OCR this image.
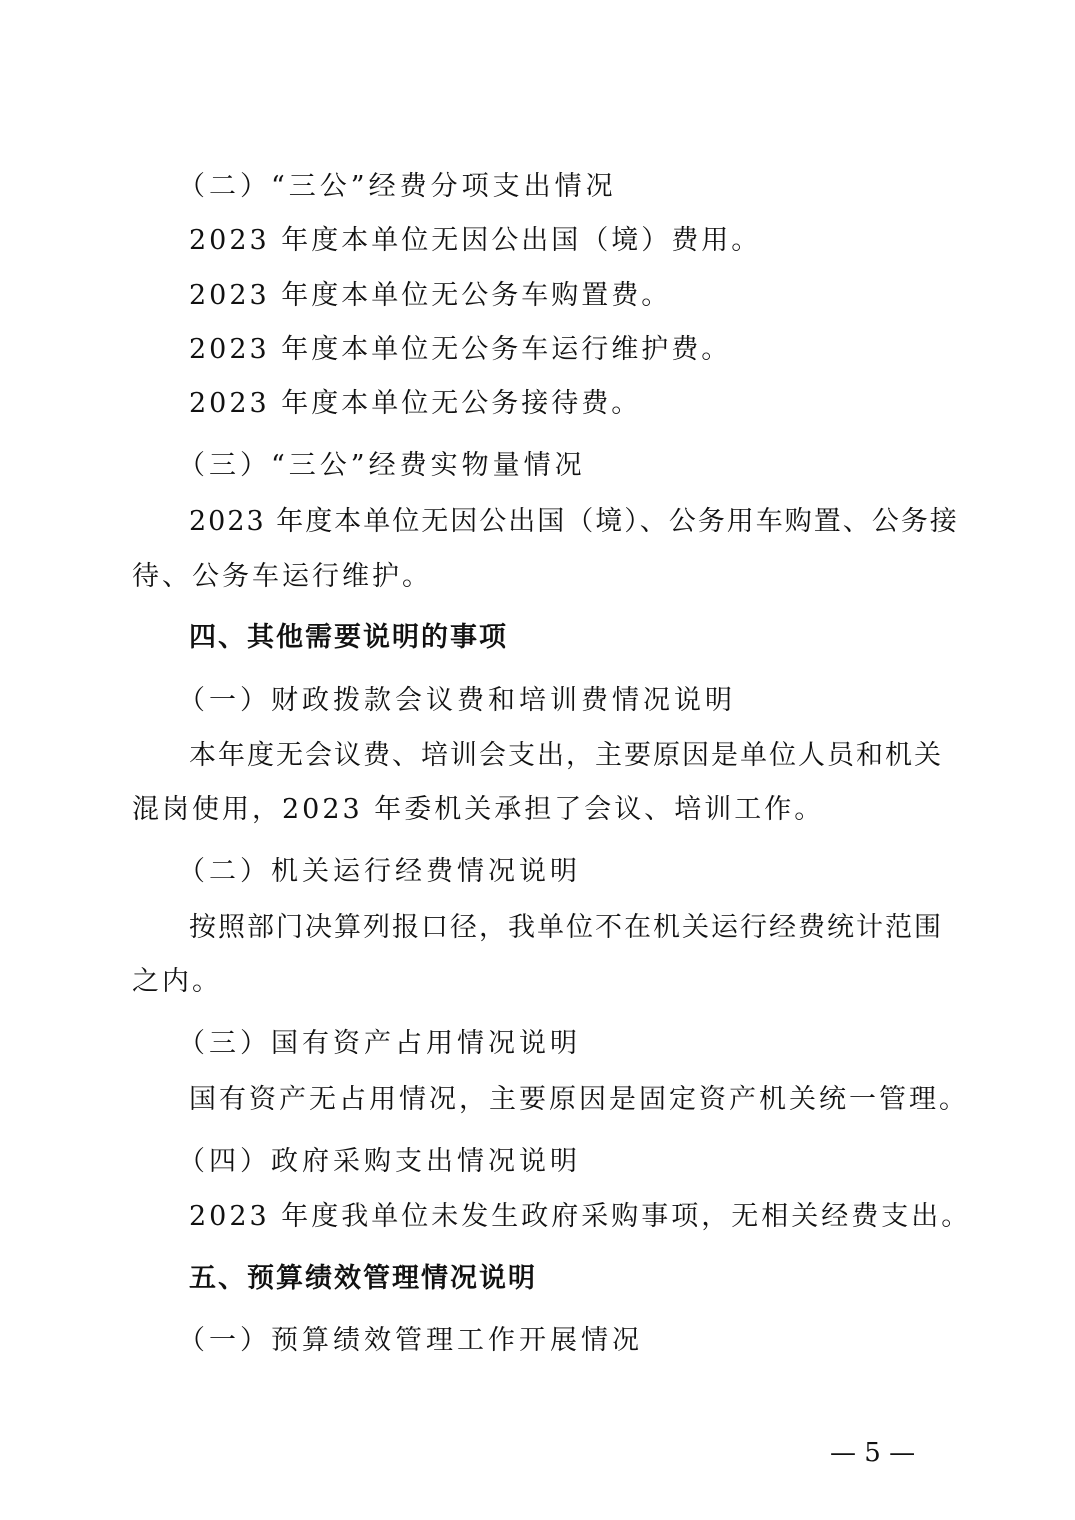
（二）“三公”经费分项支出情况
2023 年度本单位无因公出国（境）费用。
2023 年度本单位无公务车购置费。
2023 年度本单位无公务车运行维护费。
2023 年度本单位无公务接待费。
（三）“三公”经费实物量情况
2023 年度本单位无因公出国（境）、公务用车购置、公务接
待、公务车运行维护。
四、其他需要说明的事项
（一）财政拨款会议费和培训费情况说明
本年度无会议费、培训会支出，主要原因是单位人员和机关
混岗使用，2023 年委机关承担了会议、培训工作。
（二）机关运行经费情况说明
按照部门决算列报口径，我单位不在机关运行经费统计范围
之内。
（三）国有资产占用情况说明
国有资产无占用情况，主要原因是固定资产机关统一管理。
（四）政府采购支出情况说明
2023 年度我单位未发生政府采购事项，无相关经费支出。
五、预算绩效管理情况说明
（一）预算绩效管理工作开展情况
— 5 —
